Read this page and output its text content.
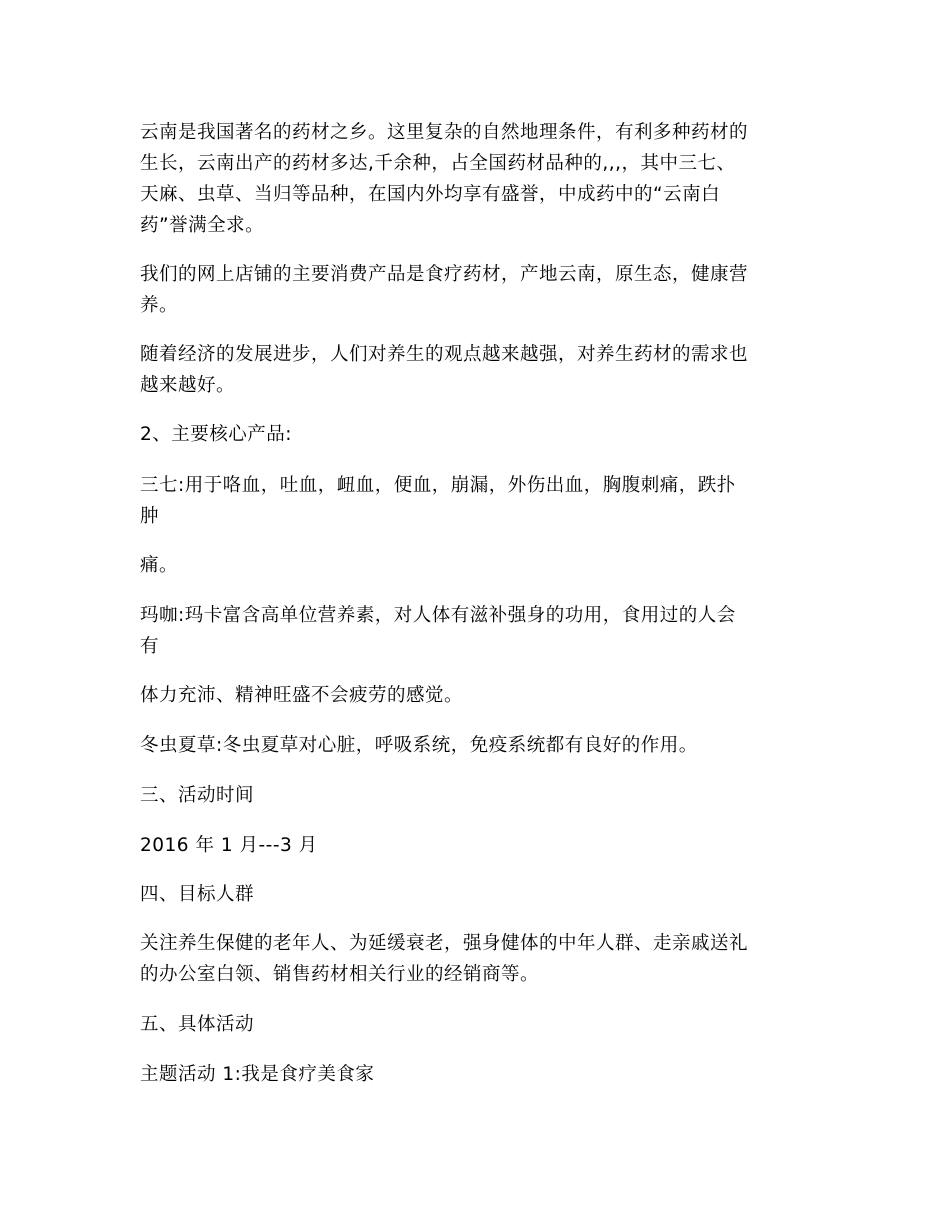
云南是我国著名的药材之乡。这里复杂的自然地理条件，有利多种药材的
生长，云南出产的药材多达,千余种，占全国药材品种的,,,，其中三七、
天麻、虫草、当归等品种，在国内外均享有盛誉，中成药中的“云南白
药”誉满全求。

我们的网上店铺的主要消费产品是食疗药材，产地云南，原生态，健康营
养。

随着经济的发展进步，人们对养生的观点越来越强，对养生药材的需求也
越来越好。

2、主要核心产品:

三七:用于咯血，吐血，衄血，便血，崩漏，外伤出血，胸腹刺痛，跌扑
肿

痛。

玛咖:玛卡富含高单位营养素，对人体有滋补强身的功用，食用过的人会
有

体力充沛、精神旺盛不会疲劳的感觉。

冬虫夏草:冬虫夏草对心脏，呼吸系统，免疫系统都有良好的作用。

三、活动时间

2016 年 1 月---3 月

四、目标人群

关注养生保健的老年人、为延缓衰老，强身健体的中年人群、走亲戚送礼
的办公室白领、销售药材相关行业的经销商等。

五、具体活动

主题活动 1:我是食疗美食家
